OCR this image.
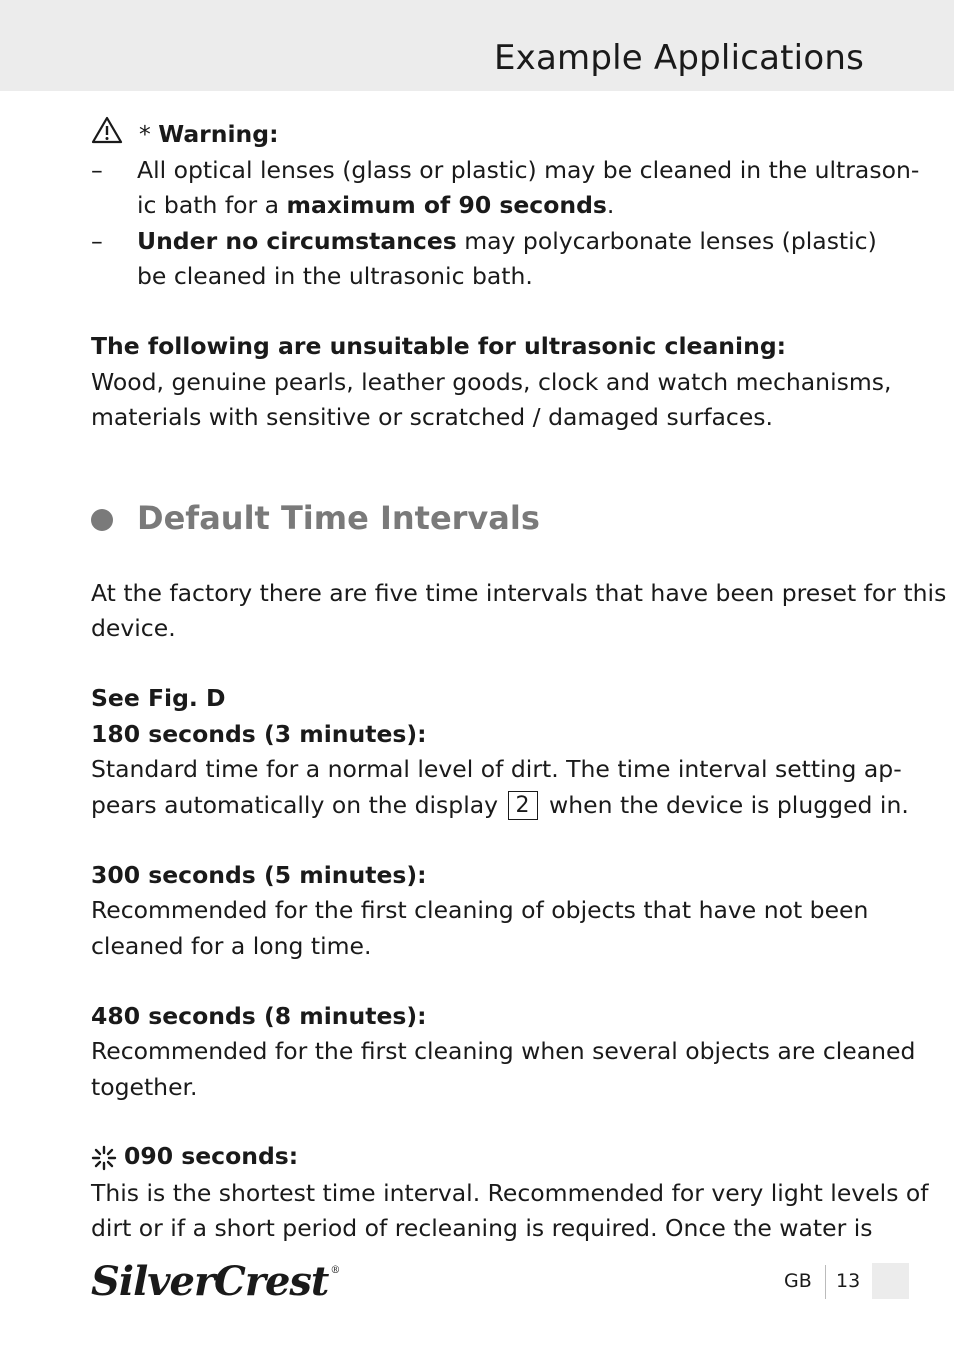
Example Applications
* Warning:
– All optical lenses (glass or plastic) may be cleaned in the ultrason-
ic bath for a maximum of 90 seconds.
– Under no circumstances may polycarbonate lenses (plastic)
be cleaned in the ultrasonic bath.
The following are unsuitable for ultrasonic cleaning:
Wood, genuine pearls, leather goods, clock and watch mechanisms,
materials with sensitive or scratched / damaged surfaces.
Default Time Intervals
At the factory there are five time intervals that have been preset for this
device.
See Fig. D
180 seconds (3 minutes):
Standard time for a normal level of dirt. The time interval setting ap-
pears automatically on the display 2 when the device is plugged in.
300 seconds (5 minutes):
Recommended for the first cleaning of objects that have not been
cleaned for a long time.
480 seconds (8 minutes):
Recommended for the first cleaning when several objects are cleaned
together.
090 seconds:
This is the shortest time interval. Recommended for very light levels of
dirt or if a short period of recleaning is required. Once the water is
SilverCrest ®	GB 13
